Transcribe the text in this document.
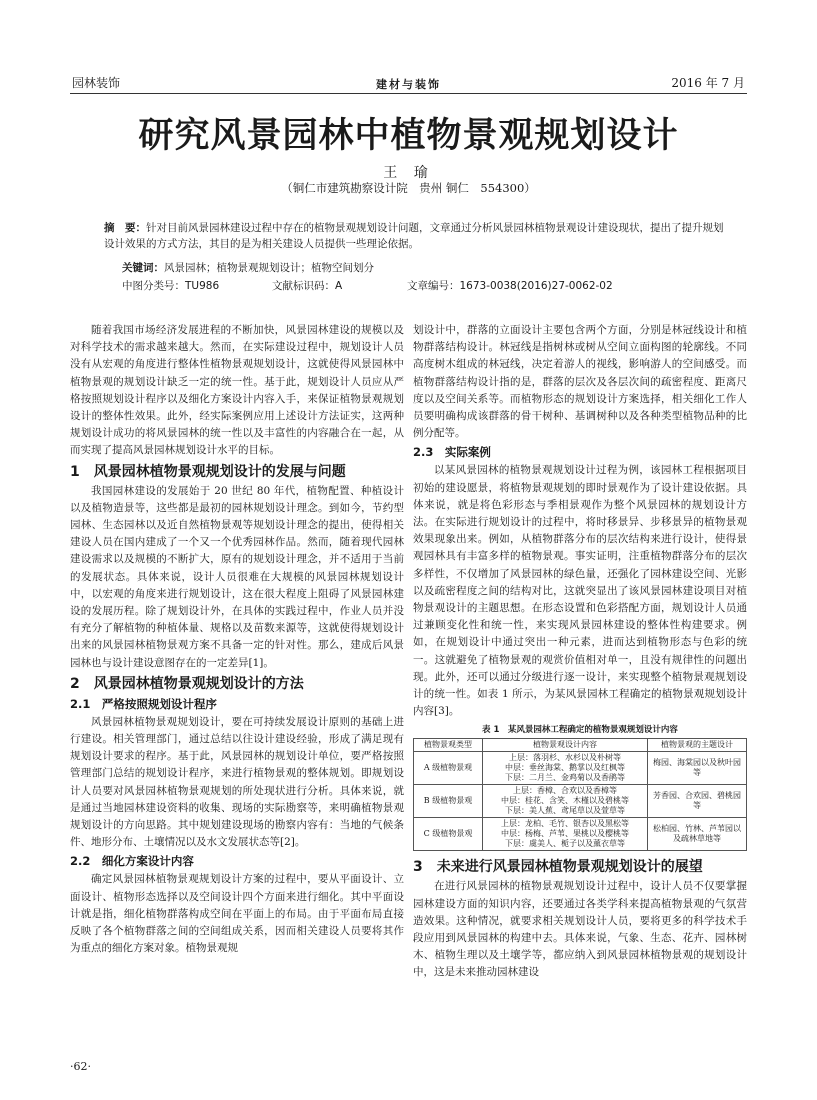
园林装饰	建材与装饰	2016 年 7 月
研究风景园林中植物景观规划设计
王 瑜
（铜仁市建筑勘察设计院　贵州 铜仁　554300）
摘　要：针对目前风景园林建设过程中存在的植物景观规划设计问题，文章通过分析风景园林植物景观设计建设现状，提出了提升规划设计效果的方式方法，其目的是为相关建设人员提供一些理论依据。
关键词：风景园林；植物景观规划设计；植物空间划分
中图分类号：TU986	文献标识码：A	文章编号：1673-0038(2016)27-0062-02

随着我国市场经济发展进程的不断加快，风景园林建设的规模以及对科学技术的需求越来越大。然而，在实际建设过程中，规划设计人员没有从宏观的角度进行整体性植物景观规划设计，这就使得风景园林中植物景观的规划设计缺乏一定的统一性。基于此，规划设计人员应从严格按照规划设计程序以及细化方案设计内容入手，来保证植物景观规划设计的整体性效果。此外，经实际案例应用上述设计方法证实，这两种规划设计成功的将风景园林的统一性以及丰富性的内容融合在一起，从而实现了提高风景园林规划设计水平的目标。

1　风景园林植物景观规划设计的发展与问题

我国园林建设的发展始于 20 世纪 80 年代，植物配置、种植设计以及植物造景等，这些都是最初的园林规划设计理念。到如今，节约型园林、生态园林以及近自然植物景观等规划设计理念的提出，使得相关建设人员在国内建成了一个又一个优秀园林作品。然而，随着现代园林建设需求以及规模的不断扩大，原有的规划设计理念，并不适用于当前的发展状态。具体来说，设计人员很难在大规模的风景园林规划设计中，以宏观的角度来进行规划设计，这在很大程度上阻碍了风景园林建设的发展历程。除了规划设计外，在具体的实践过程中，作业人员并没有充分了解植物的种植体量、规格以及苗数来源等，这就使得规划设计出来的风景园林植物景观方案不具备一定的针对性。那么，建成后风景园林也与设计建设意图存在的一定差异[1]。

2　风景园林植物景观规划设计的方法
2.1　严格按照规划设计程序

风景园林植物景观规划设计，要在可持续发展设计原则的基础上进行建设。相关管理部门，通过总结以往设计建设经验，形成了满足现有规划设计要求的程序。基于此，风景园林的规划设计单位，要严格按照管理部门总结的规划设计程序，来进行植物景观的整体规划。即规划设计人员要对风景园林植物景观规划的所处现状进行分析。具体来说，就是通过当地园林建设资料的收集、现场的实际勘察等，来明确植物景观规划设计的方向思路。其中规划建设现场的勘察内容有：当地的气候条件、地形分布、土壤情况以及水文发展状态等[2]。

2.2　细化方案设计内容

确定风景园林植物景观规划设计方案的过程中，要从平面设计、立面设计、植物形态选择以及空间设计四个方面来进行细化。其中平面设计就是指，细化植物群落构成空间在平面上的布局。由于平面布局直接反映了各个植物群落之间的空间组成关系，因而相关建设人员要将其作为重点的细化方案对象。植物景观规

划设计中，群落的立面设计主要包含两个方面，分别是林冠线设计和植物群落结构设计。林冠线是指树林或树从空间立面构图的轮廓线。不同高度树木组成的林冠线，决定着游人的视线，影响游人的空间感受。而植物群落结构设计指的是，群落的层次及各层次间的疏密程度、距离尺度以及空间关系等。而植物形态的规划设计方案选择，相关细化工作人员要明确构成该群落的骨干树种、基调树种以及各种类型植物品种的比例分配等。

2.3　实际案例

以某风景园林的植物景观规划设计过程为例，该园林工程根据项目初始的建设愿景，将植物景观规划的即时景观作为了设计建设依据。具体来说，就是将色彩形态与季相景观作为整个风景园林的规划设计方法。在实际进行规划设计的过程中，将时移景异、步移景异的植物景观效果现象出来。例如，从植物群落分布的层次结构来进行设计，使得景观园林具有丰富多样的植物景观。事实证明，注重植物群落分布的层次多样性，不仅增加了风景园林的绿色量，还强化了园林建设空间、光影以及疏密程度之间的结构对比，这就突显出了该风景园林建设项目对植物景观设计的主题思想。在形态设置和色彩搭配方面，规划设计人员通过兼顾变化性和统一性，来实现风景园林建设的整体性构建要求。例如，在规划设计中通过突出一种元素，进而达到植物形态与色彩的统一。这就避免了植物景观的观赏价值相对单一，且没有规律性的问题出现。此外，还可以通过分级进行逐一设计，来实现整个植物景观规划设计的统一性。如表 1 所示，为某风景园林工程确定的植物景观规划设计内容[3]。

表 1　某风景园林工程确定的植物景观规划设计内容
植物景观类型	植物景观设计内容	植物景观的主题设计
A 级植物景观	上层：落羽杉、水杉以及朴树等
中层：垂丝海棠、鹅掌以及红枫等
下层：二月兰、金鸡菊以及香鹃等	梅园、海棠园以及秋叶园等
B 级植物景观	上层：香樟、合欢以及香樟等
中层：桂花、含笑、木槿以及碧桃等
下层：美人蕉、鸢尾草以及萱草等	芳香园、合欢园、碧桃园等
C 级植物景观	上层：龙柏、毛竹、银杏以及黑松等
中层：杨梅、芦苇、果桃以及樱桃等
下层：虞美人、栀子以及薰衣草等	松柏园、竹林、芦苇园以及疏林草地等
3　未来进行风景园林植物景观规划设计的展望

在进行风景园林的植物景观规划设计过程中，设计人员不仅要掌握园林建设方面的知识内容，还要通过各类学科来提高植物景观的气氛营造效果。这种情况，就要求相关规划设计人员，要将更多的科学技术手段应用到风景园林的构建中去。具体来说，气象、生态、花卉、园林树木、植物生理以及土壤学等，都应纳入到风景园林植物景观的规划设计中，这是未来推动园林建设

·62·
